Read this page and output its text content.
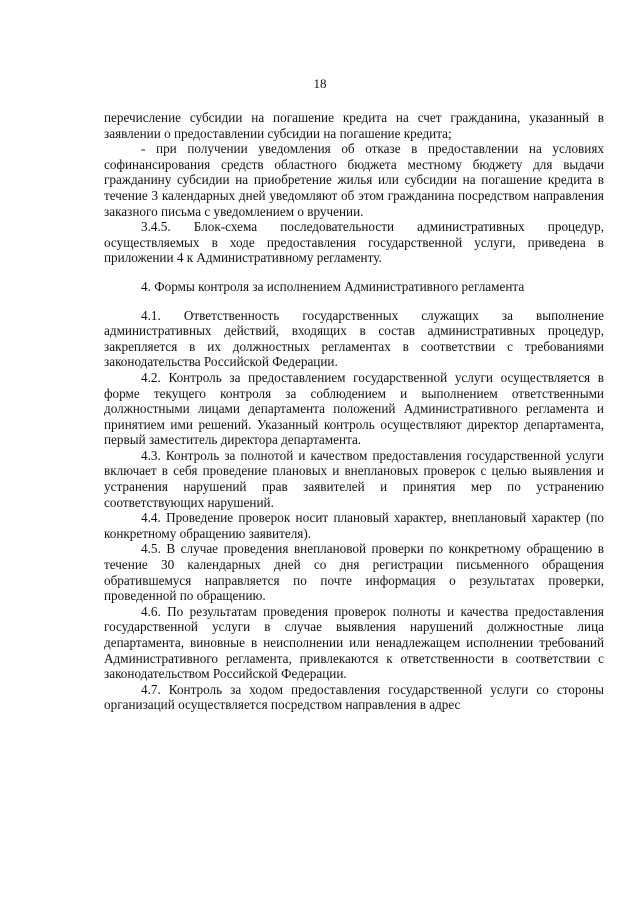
18

перечисление субсидии на погашение кредита на счет гражданина, указанный в заявлении о предоставлении субсидии на погашение кредита;

- при получении уведомления об отказе в предоставлении на условиях софинансирования средств областного бюджета местному бюджету для выдачи гражданину субсидии на приобретение жилья или субсидии на погашение кредита в течение 3 календарных дней уведомляют об этом гражданина посредством направления заказного письма с уведомлением о вручении.

3.4.5. Блок-схема последовательности административных процедур, осуществляемых в ходе предоставления государственной услуги, приведена в приложении 4 к Административному регламенту.

4. Формы контроля за исполнением Административного регламента

4.1. Ответственность государственных служащих за выполнение административных действий, входящих в состав административных процедур, закрепляется в их должностных регламентах в соответствии с требованиями законодательства Российской Федерации.

4.2. Контроль за предоставлением государственной услуги осуществляется в форме текущего контроля за соблюдением и выполнением ответственными должностными лицами департамента положений Административного регламента и принятием ими решений. Указанный контроль осуществляют директор департамента, первый заместитель директора департамента.

4.3. Контроль за полнотой и качеством предоставления государственной услуги включает в себя проведение плановых и внеплановых проверок с целью выявления и устранения нарушений прав заявителей и принятия мер по устранению соответствующих нарушений.

4.4. Проведение проверок носит плановый характер, внеплановый характер (по конкретному обращению заявителя).

4.5. В случае проведения внеплановой проверки по конкретному обращению в течение 30 календарных дней со дня регистрации письменного обращения обратившемуся направляется по почте информация о результатах проверки, проведенной по обращению.

4.6. По результатам проведения проверок полноты и качества предоставления государственной услуги в случае выявления нарушений должностные лица департамента, виновные в неисполнении или ненадлежащем исполнении требований Административного регламента, привлекаются к ответственности в соответствии с законодательством Российской Федерации.

4.7. Контроль за ходом предоставления государственной услуги со стороны организаций осуществляется посредством направления в адрес
